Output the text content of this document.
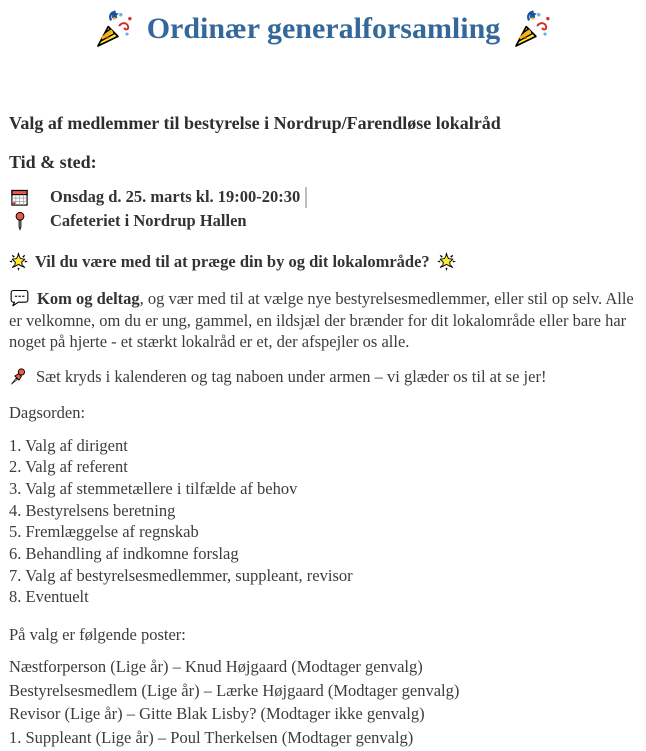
Ordinær generalforsamling
Valg af medlemmer til bestyrelse i Nordrup/Farendløse lokalråd
Tid & sted:
Onsdag d. 25. marts kl. 19:00-20:30
Cafeteriet i Nordrup Hallen
Vil du være med til at præge din by og dit lokalområde?

Kom og deltag, og vær med til at vælge nye bestyrelsesmedlemmer, eller stil op selv. Alle er velkomne, om du er ung, gammel, en ildsjæl der brænder for dit lokalområde eller bare har noget på hjerte - et stærkt lokalråd er et, der afspejler os alle.

Sæt kryds i kalenderen og tag naboen under armen – vi glæder os til at se jer!
Dagsorden:
1. Valg af dirigent
2. Valg af referent
3. Valg af stemmetællere i tilfælde af behov
4. Bestyrelsens beretning
5. Fremlæggelse af regnskab
6. Behandling af indkomne forslag
7. Valg af bestyrelsesmedlemmer, suppleant, revisor
8. Eventuelt
På valg er følgende poster:
Næstforperson (Lige år) – Knud Højgaard (Modtager genvalg)
Bestyrelsesmedlem (Lige år) – Lærke Højgaard (Modtager genvalg)
Revisor (Lige år) – Gitte Blak Lisby? (Modtager ikke genvalg)
1. Suppleant (Lige år) – Poul Therkelsen (Modtager genvalg)
